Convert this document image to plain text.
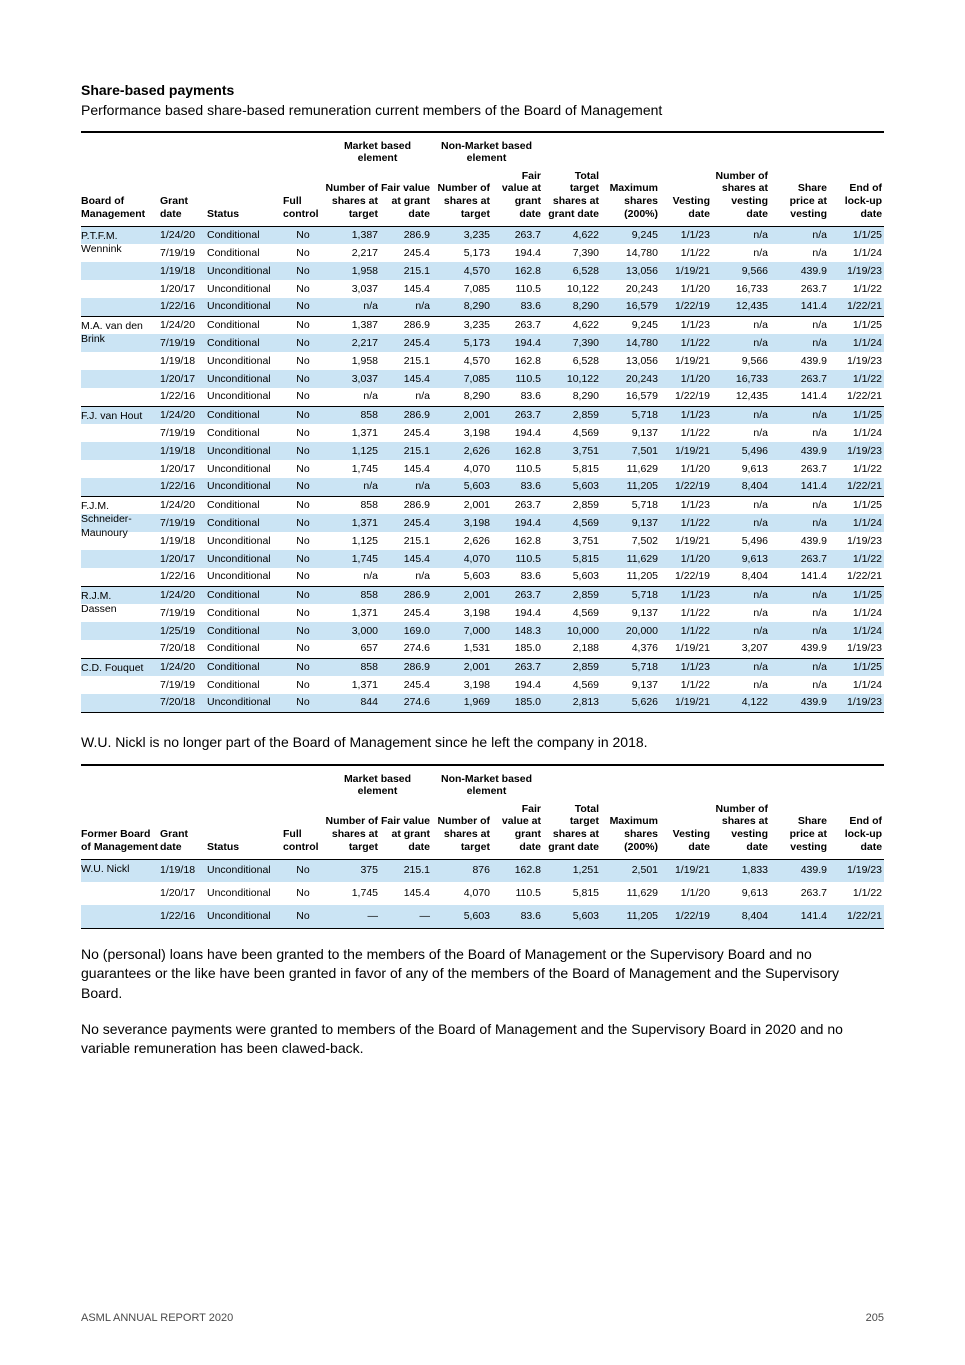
Share-based payments
Performance based share-based remuneration current members of the Board of Management
				Market based element		Non-Market based element							
Board of Management	Grant date	Status	Full control	Number of shares at target	Fair value at grant date	Number of shares at target	Fair value at grant date	Total target shares at grant date	Maximum shares (200%)	Vesting date	Number of shares at vesting date	Share price at vesting	End of lock-up date

P.T.F.M. Wennink	1/24/20	Conditional	No	1,387	286.9	3,235	263.7	4,622	9,245	1/1/23	n/a	n/a	1/1/25
	7/19/19	Conditional	No	2,217	245.4	5,173	194.4	7,390	14,780	1/1/22	n/a	n/a	1/1/24
	1/19/18	Unconditional	No	1,958	215.1	4,570	162.8	6,528	13,056	1/19/21	9,566	439.9	1/19/23
	1/20/17	Unconditional	No	3,037	145.4	7,085	110.5	10,122	20,243	1/1/20	16,733	263.7	1/1/22
	1/22/16	Unconditional	No	n/a	n/a	8,290	83.6	8,290	16,579	1/22/19	12,435	141.4	1/22/21

M.A. van den Brink	1/24/20	Conditional	No	1,387	286.9	3,235	263.7	4,622	9,245	1/1/23	n/a	n/a	1/1/25
	7/19/19	Conditional	No	2,217	245.4	5,173	194.4	7,390	14,780	1/1/22	n/a	n/a	1/1/24
	1/19/18	Unconditional	No	1,958	215.1	4,570	162.8	6,528	13,056	1/19/21	9,566	439.9	1/19/23
	1/20/17	Unconditional	No	3,037	145.4	7,085	110.5	10,122	20,243	1/1/20	16,733	263.7	1/1/22
	1/22/16	Unconditional	No	n/a	n/a	8,290	83.6	8,290	16,579	1/22/19	12,435	141.4	1/22/21

F.J. van Hout	1/24/20	Conditional	No	858	286.9	2,001	263.7	2,859	5,718	1/1/23	n/a	n/a	1/1/25
	7/19/19	Conditional	No	1,371	245.4	3,198	194.4	4,569	9,137	1/1/22	n/a	n/a	1/1/24
	1/19/18	Unconditional	No	1,125	215.1	2,626	162.8	3,751	7,501	1/19/21	5,496	439.9	1/19/23
	1/20/17	Unconditional	No	1,745	145.4	4,070	110.5	5,815	11,629	1/1/20	9,613	263.7	1/1/22
	1/22/16	Unconditional	No	n/a	n/a	5,603	83.6	5,603	11,205	1/22/19	8,404	141.4	1/22/21

F.J.M. Schneider-Maunoury	1/24/20	Conditional	No	858	286.9	2,001	263.7	2,859	5,718	1/1/23	n/a	n/a	1/1/25
	7/19/19	Conditional	No	1,371	245.4	3,198	194.4	4,569	9,137	1/1/22	n/a	n/a	1/1/24
	1/19/18	Unconditional	No	1,125	215.1	2,626	162.8	3,751	7,502	1/19/21	5,496	439.9	1/19/23
	1/20/17	Unconditional	No	1,745	145.4	4,070	110.5	5,815	11,629	1/1/20	9,613	263.7	1/1/22
	1/22/16	Unconditional	No	n/a	n/a	5,603	83.6	5,603	11,205	1/22/19	8,404	141.4	1/22/21

R.J.M. Dassen	1/24/20	Conditional	No	858	286.9	2,001	263.7	2,859	5,718	1/1/23	n/a	n/a	1/1/25
	7/19/19	Conditional	No	1,371	245.4	3,198	194.4	4,569	9,137	1/1/22	n/a	n/a	1/1/24
	1/25/19	Conditional	No	3,000	169.0	7,000	148.3	10,000	20,000	1/1/22	n/a	n/a	1/1/24
	7/20/18	Conditional	No	657	274.6	1,531	185.0	2,188	4,376	1/19/21	3,207	439.9	1/19/23

C.D. Fouquet	1/24/20	Conditional	No	858	286.9	2,001	263.7	2,859	5,718	1/1/23	n/a	n/a	1/1/25
	7/19/19	Conditional	No	1,371	245.4	3,198	194.4	4,569	9,137	1/1/22	n/a	n/a	1/1/24
	7/20/18	Unconditional	No	844	274.6	1,969	185.0	2,813	5,626	1/19/21	4,122	439.9	1/19/23
W.U. Nickl is no longer part of the Board of Management since he left the company in 2018.
				Market based element		Non-Market based element							
Former Board of Management	Grant date	Status	Full control	Number of shares at target	Fair value at grant date	Number of shares at target	Fair value at grant date	Total target shares at grant date	Maximum shares (200%)	Vesting date	Number of shares at vesting date	Share price at vesting	End of lock-up date

W.U. Nickl	1/19/18	Unconditional	No	375	215.1	876	162.8	1,251	2,501	1/19/21	1,833	439.9	1/19/23
	1/20/17	Unconditional	No	1,745	145.4	4,070	110.5	5,815	11,629	1/1/20	9,613	263.7	1/1/22
	1/22/16	Unconditional	No	—	—	5,603	83.6	5,603	11,205	1/22/19	8,404	141.4	1/22/21
No (personal) loans have been granted to the members of the Board of Management or the Supervisory Board and no guarantees or the like have been granted in favor of any of the members of the Board of Management and the Supervisory Board.
No severance payments were granted to members of the Board of Management and the Supervisory Board in 2020 and no variable remuneration has been clawed-back.
ASML ANNUAL REPORT 2020	205
